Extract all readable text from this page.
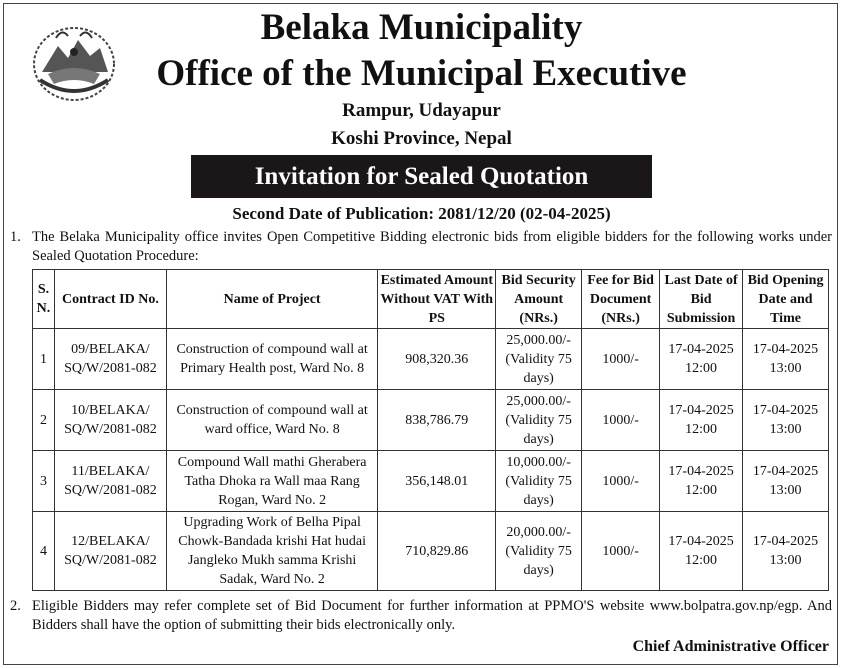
Belaka Municipality
Office of the Municipal Executive
Rampur, Udayapur
Koshi Province, Nepal
Invitation for Sealed Quotation
Second Date of Publication: 2081/12/20 (02-04-2025)
1. The Belaka Municipality office invites Open Competitive Bidding electronic bids from eligible bidders for the following works under Sealed Quotation Procedure:
S. N.	Contract ID No.	Name of Project	Estimated Amount Without VAT With PS	Bid Security Amount (NRs.)	Fee for Bid Document (NRs.)	Last Date of Bid Submission	Bid Opening Date and Time
1	09/BELAKA/ SQ/W/2081-082	Construction of compound wall at Primary Health post, Ward No. 8	908,320.36	25,000.00/- (Validity 75 days)	1000/-	17-04-2025 12:00	17-04-2025 13:00
2	10/BELAKA/ SQ/W/2081-082	Construction of compound wall at ward office, Ward No. 8	838,786.79	25,000.00/- (Validity 75 days)	1000/-	17-04-2025 12:00	17-04-2025 13:00
3	11/BELAKA/ SQ/W/2081-082	Compound Wall mathi Gherabera Tatha Dhoka ra Wall maa Rang Rogan, Ward No. 2	356,148.01	10,000.00/- (Validity 75 days)	1000/-	17-04-2025 12:00	17-04-2025 13:00
4	12/BELAKA/ SQ/W/2081-082	Upgrading Work of Belha Pipal Chowk-Bandada krishi Hat hudai Jangleko Mukh samma Krishi Sadak, Ward No. 2	710,829.86	20,000.00/- (Validity 75 days)	1000/-	17-04-2025 12:00	17-04-2025 13:00
2. Eligible Bidders may refer complete set of Bid Document for further information at PPMO'S website www.bolpatra.gov.np/egp. And Bidders shall have the option of submitting their bids electronically only.
Chief Administrative Officer
